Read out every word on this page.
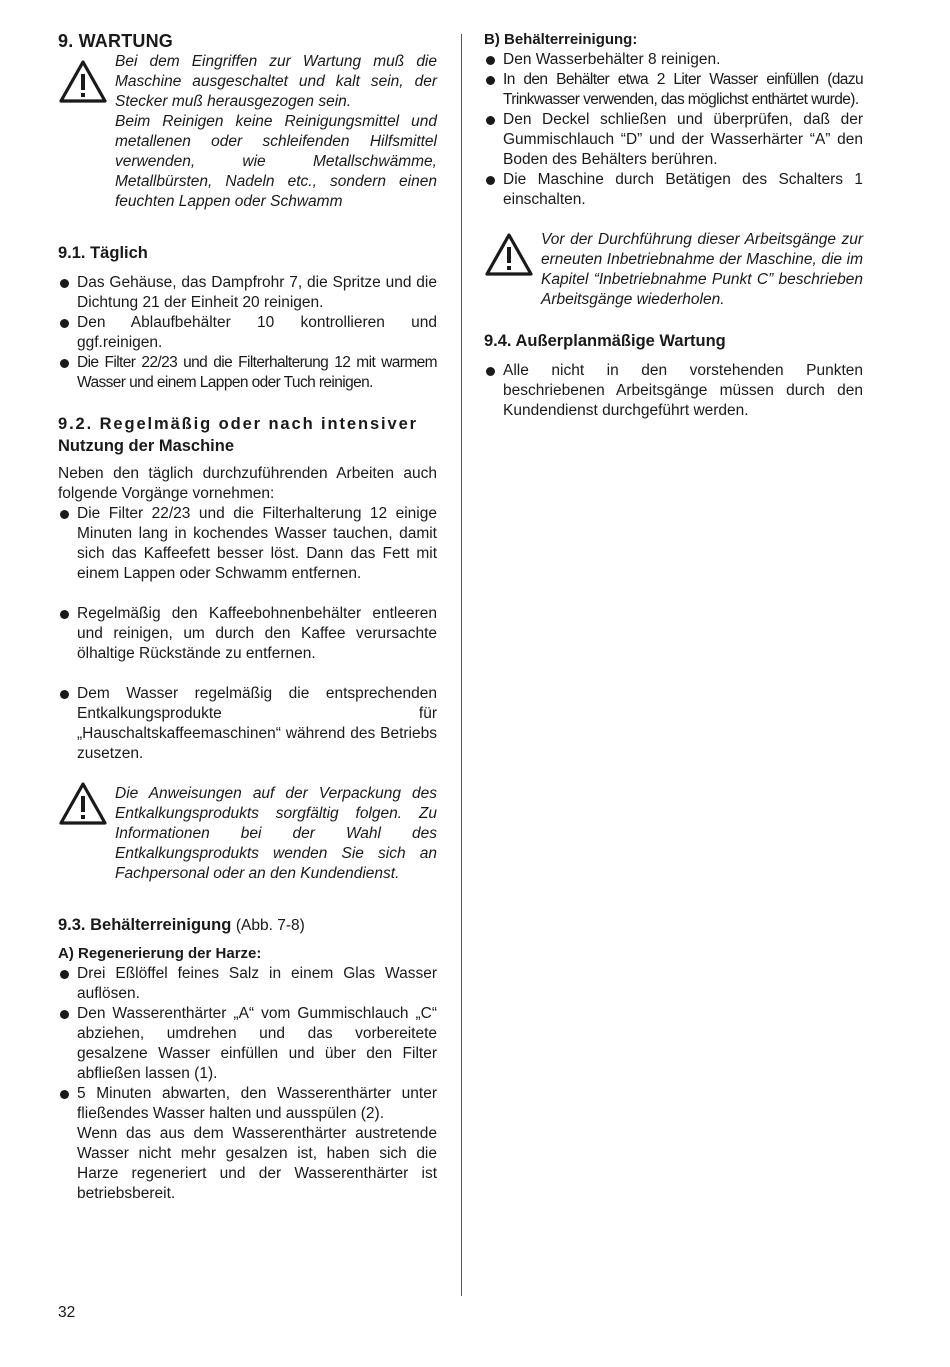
9. WARTUNG
Bei dem Eingriffen zur Wartung muß die Maschine ausgeschaltet und kalt sein, der Stecker muß herausgezogen sein.
Beim Reinigen keine Reinigungsmittel und metallenen oder schleifenden Hilfsmittel verwenden, wie Metallschwämme, Metallbürsten, Nadeln etc., sondern einen feuchten Lappen oder Schwamm
9.1. Täglich
Das Gehäuse, das Dampfrohr 7, die Spritze und die Dichtung 21 der Einheit 20 reinigen.
Den Ablaufbehälter 10 kontrollieren und ggf.reinigen.
Die Filter 22/23 und die Filterhalterung 12 mit warmem Wasser und einem Lappen oder Tuch reinigen.
9.2. Regelmäßig oder nach intensiver
Nutzung der Maschine

Neben den täglich durchzuführenden Arbeiten auch folgende Vorgänge vornehmen:

Die Filter 22/23 und die Filterhalterung 12 einige Minuten lang in kochendes Wasser tauchen, damit sich das Kaffeefett besser löst. Dann das Fett mit einem Lappen oder Schwamm entfernen.
Regelmäßig den Kaffeebohnenbehälter entleeren und reinigen, um durch den Kaffee verursachte ölhaltige Rückstände zu entfernen.
Dem Wasser regelmäßig die entsprechenden Entkalkungsprodukte für „Hauschaltskaffeemaschinen“ während des Betriebs zusetzen.
Die Anweisungen auf der Verpackung des Entkalkungsprodukts sorgfältig folgen. Zu Informationen bei der Wahl des Entkalkungsprodukts wenden Sie sich an Fachpersonal oder an den Kundendienst.
9.3. Behälterreinigung (Abb. 7-8)
A) Regenerierung der Harze:
Drei Eßlöffel feines Salz in einem Glas Wasser auflösen.
Den Wasserenthärter „A“ vom Gummischlauch „C“ abziehen, umdrehen und das vorbereitete gesalzene Wasser einfüllen und über den Filter abfließen lassen (1).
5 Minuten abwarten, den Wasserenthärter unter fließendes Wasser halten und ausspülen (2).

Wenn das aus dem Wasserenthärter austretende Wasser nicht mehr gesalzen ist, haben sich die Harze regeneriert und der Wasserenthärter ist betriebsbereit.

B) Behälterreinigung:
Den Wasserbehälter 8 reinigen.
In den Behälter etwa 2 Liter Wasser einfüllen (dazu Trinkwasser verwenden, das möglichst enthärtet wurde).
Den Deckel schließen und überprüfen, daß der Gummischlauch “D” und der Wasserhärter “A” den Boden des Behälters berühren.
Die Maschine durch Betätigen des Schalters 1 einschalten.
Vor der Durchführung dieser Arbeitsgänge zur erneuten Inbetriebnahme der Maschine, die im Kapitel “Inbetriebnahme Punkt C” beschrieben Arbeitsgänge wiederholen.
9.4. Außerplanmäßige Wartung
Alle nicht in den vorstehenden Punkten beschriebenen Arbeitsgänge müssen durch den Kundendienst durchgeführt werden.
32
